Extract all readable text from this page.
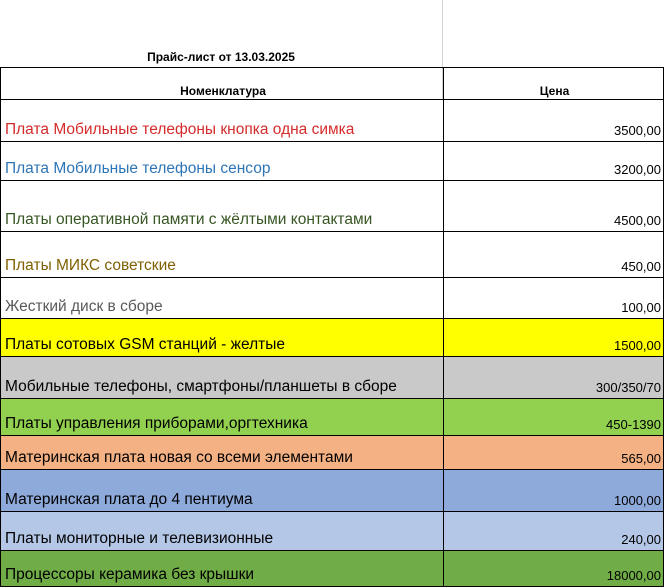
Прайс-лист от 13.03.2025
Номенклатура	Цена
Плата Мобильные телефоны кнопка одна симка	3500,00
Плата Мобильные телефоны сенсор	3200,00
Платы оперативной памяти с жёлтыми контактами	4500,00
Платы МИКС советские	450,00
Жесткий диск в сборе	100,00
Платы сотовых GSM станций - желтые	1500,00
Мобильные телефоны, смартфоны/планшеты в сборе	300/350/70
Платы управления приборами,оргтехника	450-1390
Материнская плата новая со всеми элементами	565,00
Материнская плата до 4 пентиума	1000,00
Платы мониторные и телевизионные	240,00
Процессоры керамика без крышки	18000,00
